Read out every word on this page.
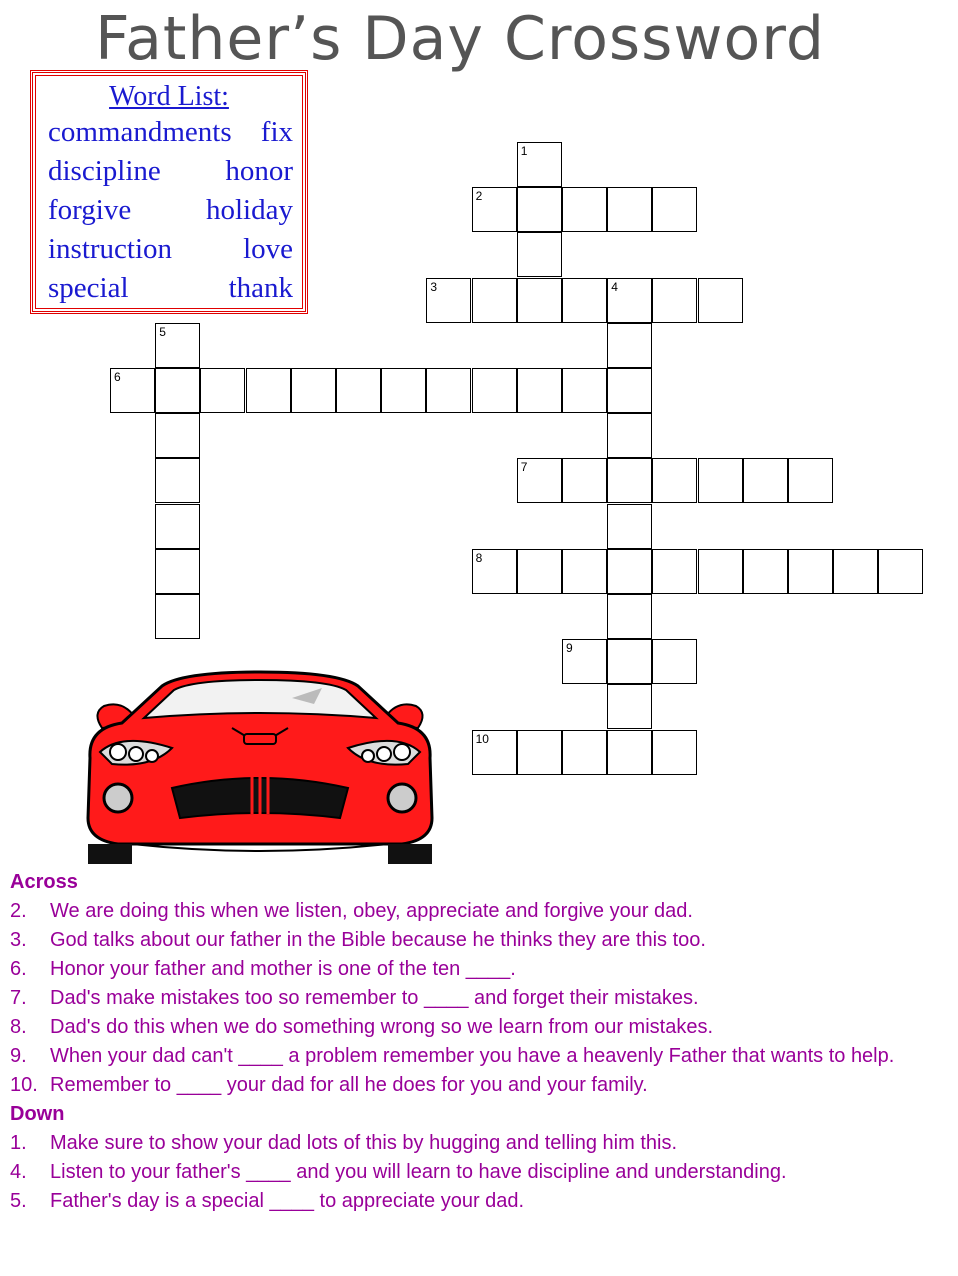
Father’s Day Crossword
Word List:
commandments fix
discipline honor
forgive	holiday
instruction love
special	thank
1
2
3	4
5
6
7
8
9
10
Across
2.	We are doing this when we listen, obey, appreciate and forgive your dad.
3.	God talks about our father in the Bible because he thinks they are this too.
6.	Honor your father and mother is one of the ten ____.
7.	Dad's make mistakes too so remember to ____ and forget their mistakes.
8.	Dad's do this when we do something wrong so we learn from our mistakes.
9.	When your dad can't ____ a problem remember you have a heavenly Father that wants to help.
10. Remember to ____ your dad for all he does for you and your family.
Down
1.	Make sure to show your dad lots of this by hugging and telling him this.
4.	Listen to your father's ____ and you will learn to have discipline and understanding.
5.	Father's day is a special ____ to appreciate your dad.
